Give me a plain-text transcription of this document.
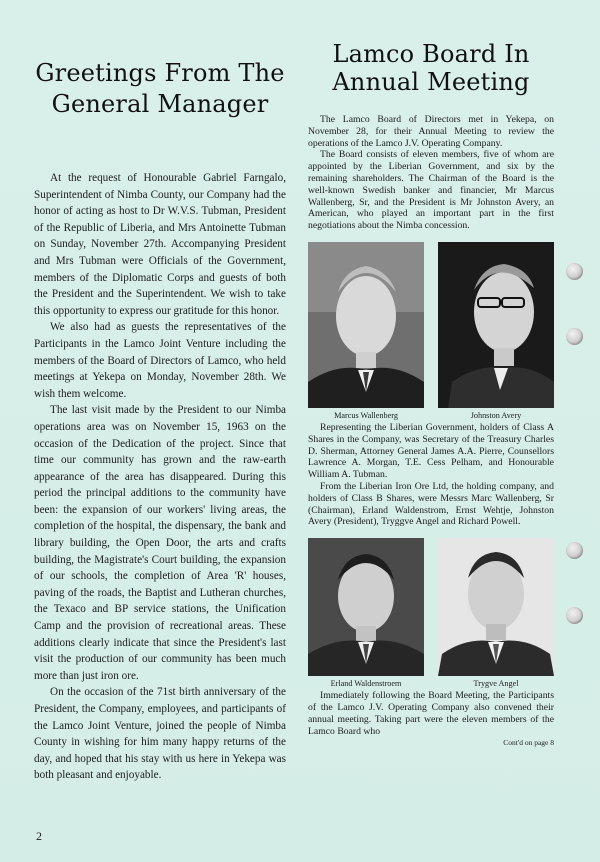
Greetings From The
General Manager

At the request of Honourable Gabriel Farngalo, Superintendent of Nimba County, our Company had the honor of acting as host to Dr W.V.S. Tubman, President of the Republic of Liberia, and Mrs Antoinette Tubman on Sunday, November 27th. Accompanying President and Mrs Tubman were Officials of the Government, members of the Diplomatic Corps and guests of both the President and the Superintendent. We wish to take this opportunity to express our gratitude for this honor.

We also had as guests the representatives of the Participants in the Lamco Joint Venture including the members of the Board of Directors of Lamco, who held meetings at Yekepa on Monday, November 28th. We wish them welcome.

The last visit made by the President to our Nimba operations area was on November 15, 1963 on the occasion of the Dedication of the project. Since that time our community has grown and the raw-earth appearance of the area has disappeared. During this period the principal additions to the community have been: the expansion of our workers' living areas, the completion of the hospital, the dispensary, the bank and library building, the Open Door, the arts and crafts building, the Magistrate's Court building, the expansion of our schools, the completion of Area 'R' houses, paving of the roads, the Baptist and Lutheran churches, the Texaco and BP service stations, the Unification Camp and the provision of recreational areas. These additions clearly indicate that since the President's last visit the production of our community has been much more than just iron ore.

On the occasion of the 71st birth anniversary of the President, the Company, employees, and participants of the Lamco Joint Venture, joined the people of Nimba County in wishing for him many happy returns of the day, and hoped that his stay with us here in Yekepa was both pleasant and enjoyable.

Lamco Board In
Annual Meeting

The Lamco Board of Directors met in Yekepa, on November 28, for their Annual Meeting to review the operations of the Lamco J.V. Operating Company.

The Board consists of eleven members, five of whom are appointed by the Liberian Government, and six by the remaining shareholders. The Chairman of the Board is the well-known Swedish banker and financier, Mr Marcus Wallenberg, Sr, and the President is Mr Johnston Avery, an American, who played an important part in the first negotiations about the Nimba concession.

Marcus Wallenberg	Johnston Avery

Representing the Liberian Government, holders of Class A Shares in the Company, was Secretary of the Treasury Charles D. Sherman, Attorney General James A.A. Pierre, Counsellors Lawrence A. Morgan, T.E. Cess Pelham, and Honourable William A. Tubman.

From the Liberian Iron Ore Ltd, the holding company, and holders of Class B Shares, were Messrs Marc Wallenberg, Sr (Chairman), Erland Waldenstrom, Ernst Wehtje, Johnston Avery (President), Tryggve Angel and Richard Powell.

Erland Waldenstroem	Trygve Angel

Immediately following the Board Meeting, the Participants of the Lamco J.V. Operating Company also convened their annual meeting. Taking part were the eleven members of the Lamco Board who

Cont'd on page 8
2
